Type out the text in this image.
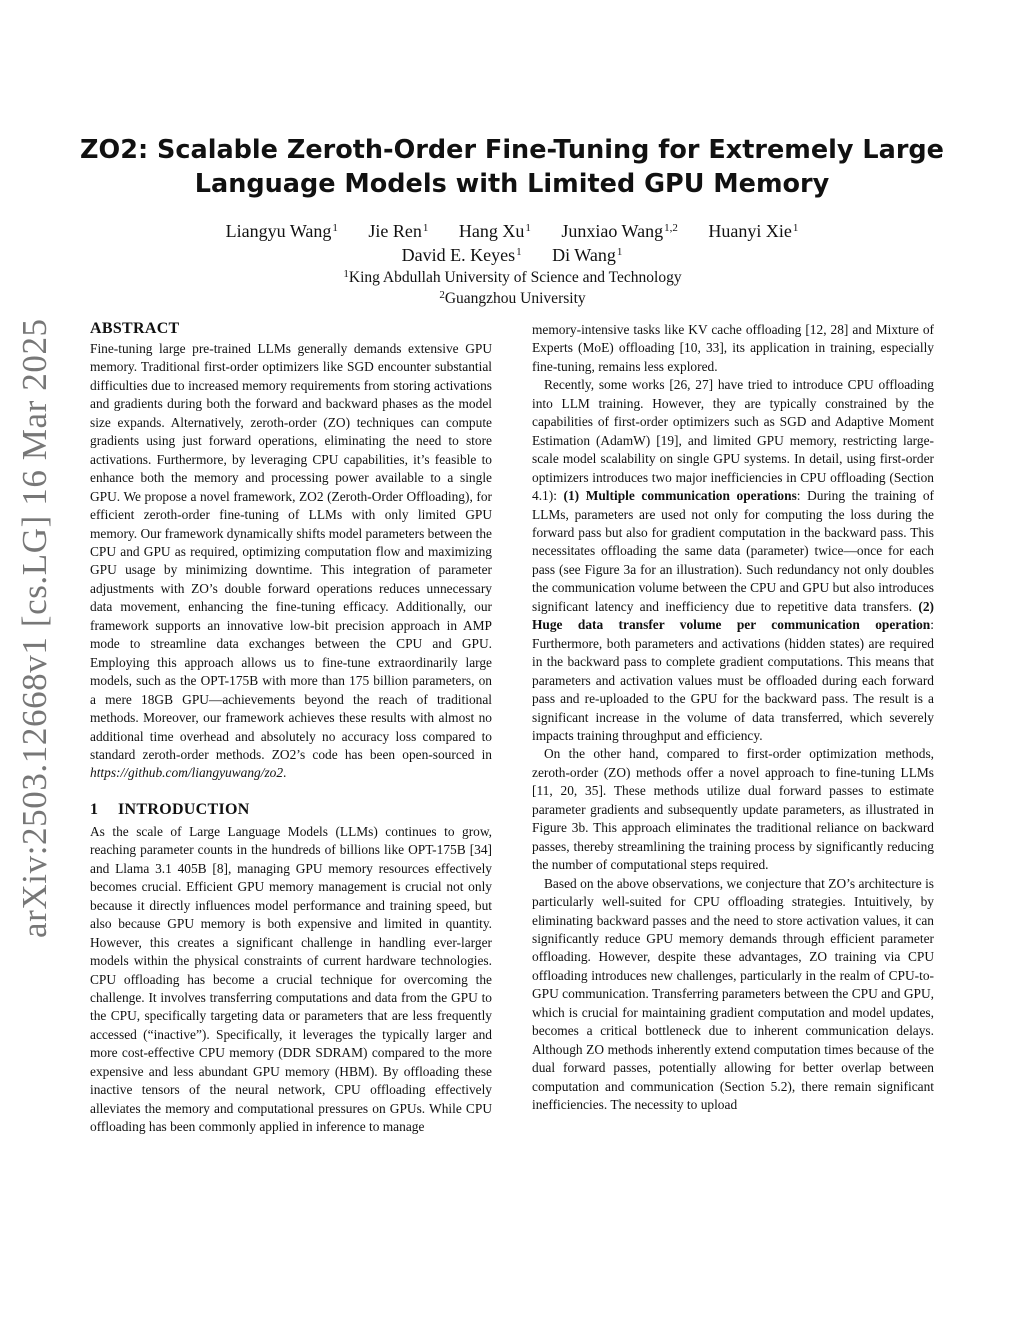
arXiv:2503.12668v1 [cs.LG] 16 Mar 2025
ZO2: Scalable Zeroth-Order Fine-Tuning for Extremely Large
Language Models with Limited GPU Memory
Liangyu Wang$^1$ Jie Ren$^1$ Hang Xu$^1$ Junxiao Wang$^{1,2}$ Huanyi Xie$^1$
David E. Keyes$^1$ Di Wang$^1$
$^1$King Abdullah University of Science and Technology
$^2$Guangzhou University
ABSTRACT

Fine-tuning large pre-trained LLMs generally demands extensive GPU memory. Traditional first-order optimizers like SGD encounter substantial difficulties due to increased memory requirements from storing activations and gradients during both the forward and backward phases as the model size expands. Alternatively, zeroth-order (ZO) techniques can compute gradients using just forward operations, eliminating the need to store activations. Furthermore, by leveraging CPU capabilities, it’s feasible to enhance both the memory and processing power available to a single GPU. We propose a novel framework, ZO2 (Zeroth-Order Offloading), for efficient zeroth-order fine-tuning of LLMs with only limited GPU memory. Our framework dynamically shifts model parameters between the CPU and GPU as required, optimizing computation flow and maximizing GPU usage by minimizing downtime. This integration of parameter adjustments with ZO’s double forward operations reduces unnecessary data movement, enhancing the fine-tuning efficacy. Additionally, our framework supports an innovative low-bit precision approach in AMP mode to streamline data exchanges between the CPU and GPU. Employing this approach allows us to fine-tune extraordinarily large models, such as the OPT-175B with more than 175 billion parameters, on a mere 18GB GPU—achievements beyond the reach of traditional methods. Moreover, our framework achieves these results with almost no additional time overhead and absolutely no accuracy loss compared to standard zeroth-order methods. ZO2’s code has been open-sourced in https://github.com/liangyuwang/zo2.

1 INTRODUCTION

As the scale of Large Language Models (LLMs) continues to grow, reaching parameter counts in the hundreds of billions like OPT-175B [34] and Llama 3.1 405B [8], managing GPU memory resources effectively becomes crucial. Efficient GPU memory management is crucial not only because it directly influences model performance and training speed, but also because GPU memory is both expensive and limited in quantity. However, this creates a significant challenge in handling ever-larger models within the physical constraints of current hardware technologies. CPU offloading has become a crucial technique for overcoming the challenge. It involves transferring computations and data from the GPU to the CPU, specifically targeting data or parameters that are less frequently accessed (“inactive”). Specifically, it leverages the typically larger and more cost-effective CPU memory (DDR SDRAM) compared to the more expensive and less abundant GPU memory (HBM). By offloading these inactive tensors of the neural network, CPU offloading effectively alleviates the memory and computational pressures on GPUs. While CPU offloading has been commonly applied in inference to manage

memory-intensive tasks like KV cache offloading [12, 28] and Mixture of Experts (MoE) offloading [10, 33], its application in training, especially fine-tuning, remains less explored.

Recently, some works [26, 27] have tried to introduce CPU offloading into LLM training. However, they are typically constrained by the capabilities of first-order optimizers such as SGD and Adaptive Moment Estimation (AdamW) [19], and limited GPU memory, restricting large-scale model scalability on single GPU systems. In detail, using first-order optimizers introduces two major inefficiencies in CPU offloading (Section 4.1): (1) Multiple communication operations: During the training of LLMs, parameters are used not only for computing the loss during the forward pass but also for gradient computation in the backward pass. This necessitates offloading the same data (parameter) twice—once for each pass (see Figure 3a for an illustration). Such redundancy not only doubles the communication volume between the CPU and GPU but also introduces significant latency and inefficiency due to repetitive data transfers. (2) Huge data transfer volume per communication operation: Furthermore, both parameters and activations (hidden states) are required in the backward pass to complete gradient computations. This means that parameters and activation values must be offloaded during each forward pass and re-uploaded to the GPU for the backward pass. The result is a significant increase in the volume of data transferred, which severely impacts training throughput and efficiency.

On the other hand, compared to first-order optimization methods, zeroth-order (ZO) methods offer a novel approach to fine-tuning LLMs [11, 20, 35]. These methods utilize dual forward passes to estimate parameter gradients and subsequently update parameters, as illustrated in Figure 3b. This approach eliminates the traditional reliance on backward passes, thereby streamlining the training process by significantly reducing the number of computational steps required.

Based on the above observations, we conjecture that ZO’s architecture is particularly well-suited for CPU offloading strategies. Intuitively, by eliminating backward passes and the need to store activation values, it can significantly reduce GPU memory demands through efficient parameter offloading. However, despite these advantages, ZO training via CPU offloading introduces new challenges, particularly in the realm of CPU-to-GPU communication. Transferring parameters between the CPU and GPU, which is crucial for maintaining gradient computation and model updates, becomes a critical bottleneck due to inherent communication delays. Although ZO methods inherently extend computation times because of the dual forward passes, potentially allowing for better overlap between computation and communication (Section 5.2), there remain significant inefficiencies. The necessity to upload
